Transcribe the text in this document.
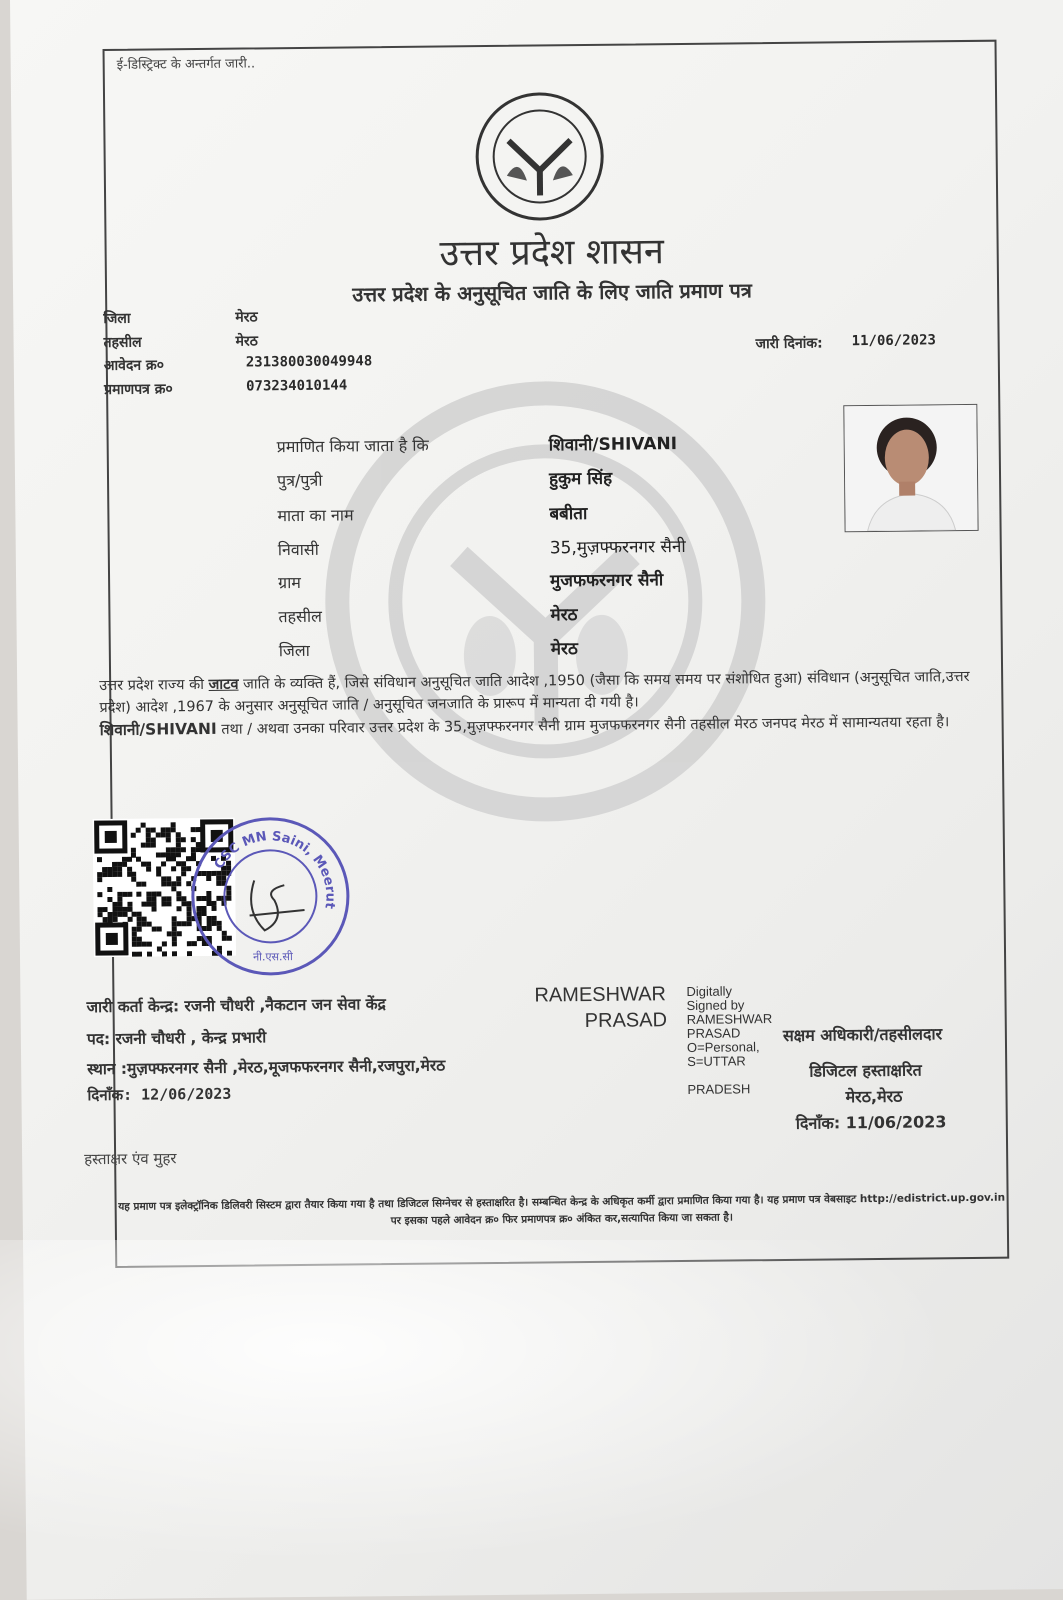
ई-डिस्ट्रिक्ट के अन्तर्गत जारी..
उत्तर प्रदेश शासन
उत्तर प्रदेश के अनुसूचित जाति के लिए जाति प्रमाण पत्र
जिला	मेरठ
तहसील	मेरठ
आवेदन क्र०	231380030049948
प्रमाणपत्र क्र०	073234010144
जारी दिनांक: 11/06/2023
प्रमाणित किया जाता है कि	शिवानी/SHIVANI
पुत्र/पुत्री	हुकुम सिंह
माता का नाम	बबीता
निवासी	35,मुज़फ्फरनगर सैनी
ग्राम	मुजफफरनगर सैनी
तहसील	मेरठ
जिला	मेरठ
उत्तर प्रदेश राज्य की जाटव जाति के व्यक्ति हैं, जिसे संविधान अनुसूचित जाति आदेश ,1950 (जैसा कि समय समय पर संशोधित हुआ) संविधान (अनुसूचित जाति,उत्तर प्रदेश) आदेश ,1967 के अनुसार अनुसूचित जाति / अनुसूचित जनजाति के प्रारूप में मान्यता दी गयी है।
शिवानी/SHIVANI तथा / अथवा उनका परिवार उत्तर प्रदेश के 35,मुज़फ्फरनगर सैनी ग्राम मुजफफरनगर सैनी तहसील मेरठ जनपद मेरठ में सामान्यतया रहता है।
CSC MN Saini, Meerut
नी.एस.सी
जारी कर्ता केन्द्र: रजनी चौधरी ,नैकटान जन सेवा केंद्र
पद: रजनी चौधरी , केन्द्र प्रभारी
स्थान :मुज़फ्फरनगर सैनी ,मेरठ,मूजफफरनगर सैनी,रजपुरा,मेरठ
दिनाँक: 12/06/2023
RAMESHWAR
PRASAD
Digitally
Signed by
RAMESHWAR
PRASAD
O=Personal,
S=UTTAR

PRADESH
सक्षम अधिकारी/तहसीलदार
डिजिटल हस्ताक्षरित
मेरठ,मेरठ
दिनाँक: 11/06/2023
हस्ताक्षर एंव मुहर
यह प्रमाण पत्र इलेक्ट्रॉनिक डिलिवरी सिस्टम द्वारा तैयार किया गया है तथा डिजिटल सिग्नेचर से हस्ताक्षरित है। सम्बन्धित केन्द्र के अधिकृत कर्मी द्वारा प्रमाणित किया गया है। यह प्रमाण पत्र वेबसाइट http://edistrict.up.gov.in पर इसका पहले आवेदन क्र० फिर प्रमाणपत्र क्र० अंकित कर,सत्यापित किया जा सकता है।
